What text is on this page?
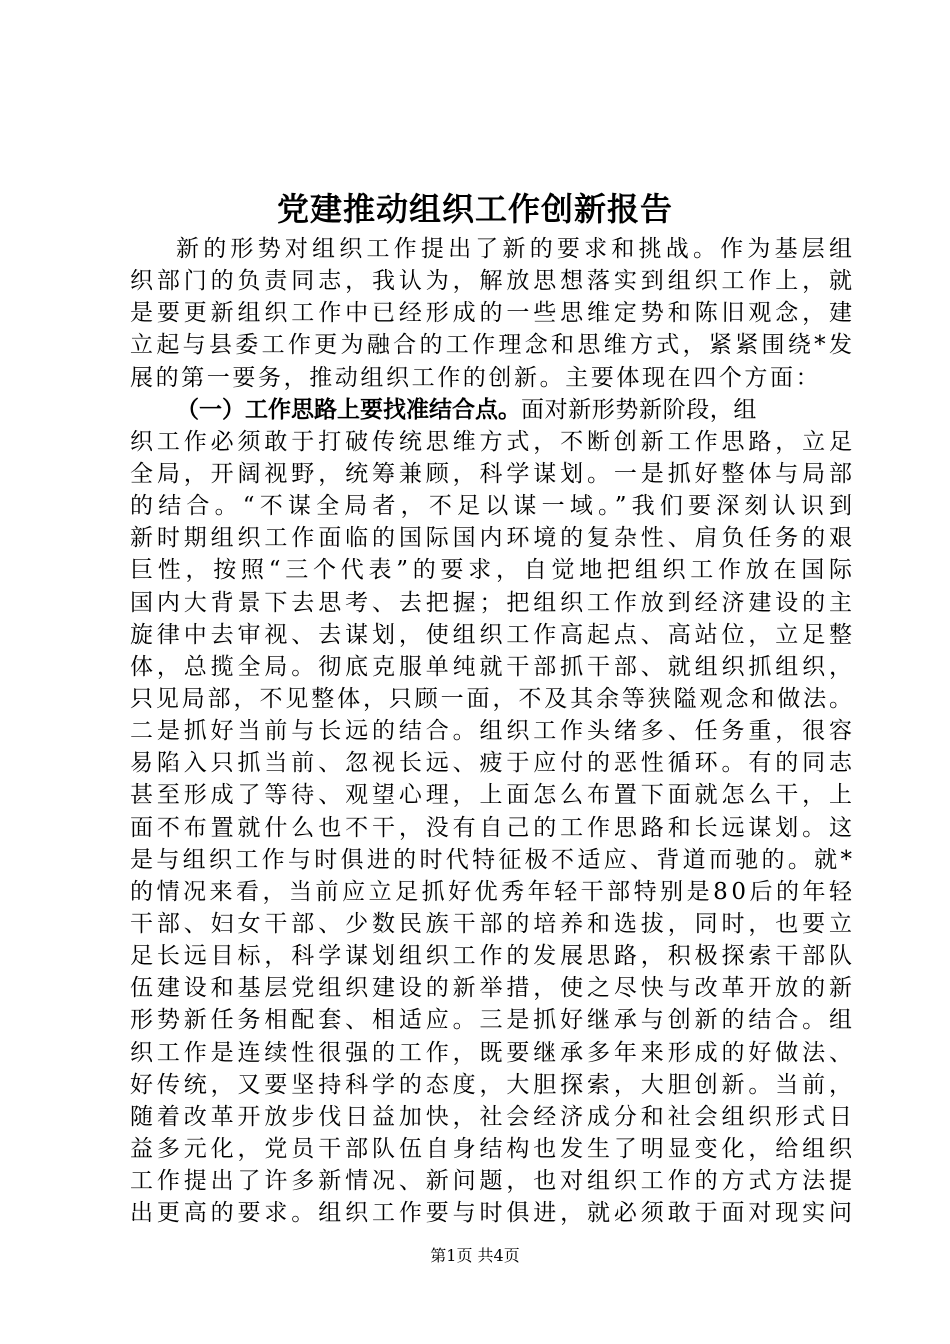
党建推动组织工作创新报告
新的形势对组织工作提出了新的要求和挑战。作为基层组
织部门的负责同志，我认为，解放思想落实到组织工作上，就
是要更新组织工作中已经形成的一些思维定势和陈旧观念，建
立起与县委工作更为融合的工作理念和思维方式，紧紧围绕*发
展的第一要务，推动组织工作的创新。主要体现在四个方面：
（一）工作思路上要找准结合点。 面对新形势新阶段，组
织工作必须敢于打破传统思维方式，不断创新工作思路，立足
全局，开阔视野，统筹兼顾，科学谋划。一是抓好整体与局部
的结合。“不谋全局者，不足以谋一域。”我们要深刻认识到
新时期组织工作面临的国际国内环境的复杂性、肩负任务的艰
巨性，按照“三个代表”的要求，自觉地把组织工作放在国际
国内大背景下去思考、去把握；把组织工作放到经济建设的主
旋律中去审视、去谋划，使组织工作高起点、高站位，立足整
体，总揽全局。彻底克服单纯就干部抓干部、就组织抓组织，
只见局部，不见整体，只顾一面，不及其余等狭隘观念和做法。
二是抓好当前与长远的结合。组织工作头绪多、任务重，很容
易陷入只抓当前、忽视长远、疲于应付的恶性循环。有的同志
甚至形成了等待、观望心理，上面怎么布置下面就怎么干，上
面不布置就什么也不干，没有自己的工作思路和长远谋划。这
是与组织工作与时俱进的时代特征极不适应、背道而驰的。就*
的情况来看，当前应立足抓好优秀年轻干部特别是80后的年轻
干部、妇女干部、少数民族干部的培养和选拔，同时，也要立
足长远目标，科学谋划组织工作的发展思路，积极探索干部队
伍建设和基层党组织建设的新举措，使之尽快与改革开放的新
形势新任务相配套、相适应。三是抓好继承与创新的结合。组
织工作是连续性很强的工作，既要继承多年来形成的好做法、
好传统，又要坚持科学的态度，大胆探索，大胆创新。当前，
随着改革开放步伐日益加快，社会经济成分和社会组织形式日
益多元化，党员干部队伍自身结构也发生了明显变化，给组织
工作提出了许多新情况、新问题，也对组织工作的方式方法提
出更高的要求。组织工作要与时俱进，就必须敢于面对现实问
第1页 共4页
